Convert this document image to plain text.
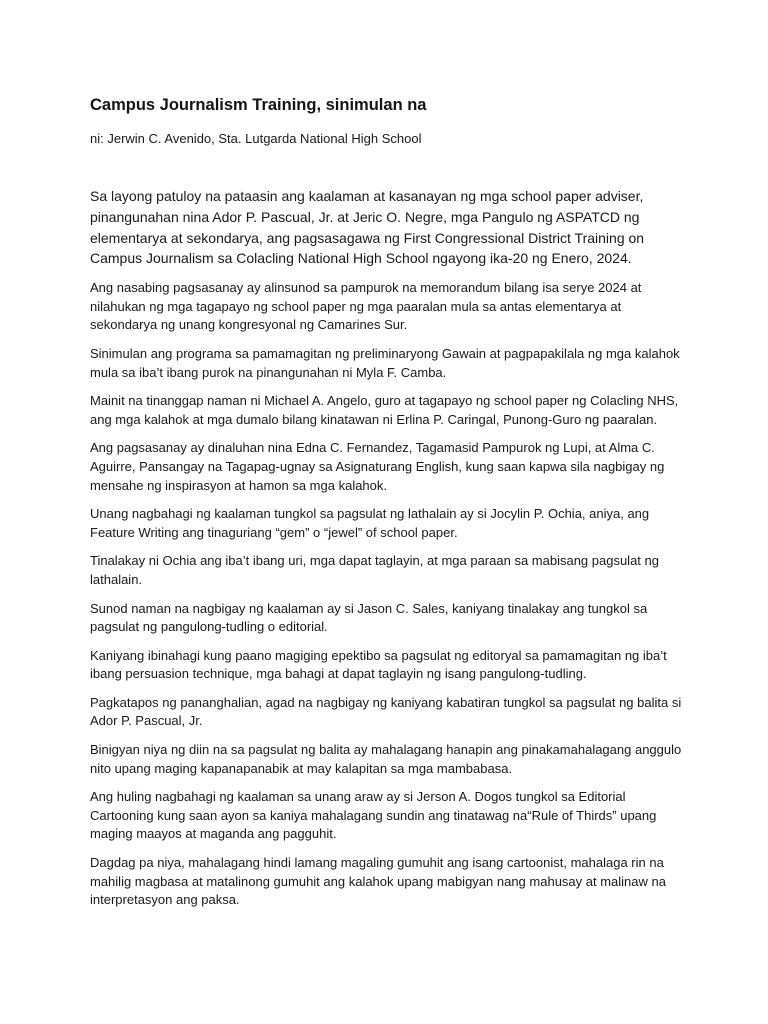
Campus Journalism Training, sinimulan na

ni: Jerwin C. Avenido, Sta. Lutgarda National High School

Sa layong patuloy na pataasin ang kaalaman at kasanayan ng mga school paper adviser, pinangunahan nina Ador P. Pascual, Jr. at Jeric O. Negre, mga Pangulo ng ASPATCD ng elementarya at sekondarya, ang pagsasagawa ng First Congressional District Training on Campus Journalism sa Colacling National High School ngayong ika-20 ng Enero, 2024.

Ang nasabing pagsasanay ay alinsunod sa pampurok na memorandum bilang isa serye 2024 at nilahukan ng mga tagapayo ng school paper ng mga paaralan mula sa antas elementarya at sekondarya ng unang kongresyonal ng Camarines Sur.

Sinimulan ang programa sa pamamagitan ng preliminaryong Gawain at pagpapakilala ng mga kalahok mula sa iba’t ibang purok na pinangunahan ni Myla F. Camba.

Mainit na tinanggap naman ni Michael A. Angelo, guro at tagapayo ng school paper ng Colacling NHS, ang mga kalahok at mga dumalo bilang kinatawan ni Erlina P. Caringal, Punong-Guro ng paaralan.

Ang pagsasanay ay dinaluhan nina Edna C. Fernandez, Tagamasid Pampurok ng Lupi, at Alma C. Aguirre, Pansangay na Tagapag-ugnay sa Asignaturang English, kung saan kapwa sila nagbigay ng mensahe ng inspirasyon at hamon sa mga kalahok.

Unang nagbahagi ng kaalaman tungkol sa pagsulat ng lathalain ay si Jocylin P. Ochia, aniya, ang Feature Writing ang tinaguriang “gem” o “jewel” of school paper.

Tinalakay ni Ochia ang iba’t ibang uri, mga dapat taglayin, at mga paraan sa mabisang pagsulat ng lathalain.

Sunod naman na nagbigay ng kaalaman ay si Jason C. Sales, kaniyang tinalakay ang tungkol sa pagsulat ng pangulong-tudling o editorial.

Kaniyang ibinahagi kung paano magiging epektibo sa pagsulat ng editoryal sa pamamagitan ng iba’t ibang persuasion technique, mga bahagi at dapat taglayin ng isang pangulong-tudling.

Pagkatapos ng pananghalian, agad na nagbigay ng kaniyang kabatiran tungkol sa pagsulat ng balita si Ador P. Pascual, Jr.

Binigyan niya ng diin na sa pagsulat ng balita ay mahalagang hanapin ang pinakamahalagang anggulo nito upang maging kapanapanabik at may kalapitan sa mga mambabasa.

Ang huling nagbahagi ng kaalaman sa unang araw ay si Jerson A. Dogos tungkol sa Editorial Cartooning kung saan ayon sa kaniya mahalagang sundin ang tinatawag na“Rule of Thirds” upang maging maayos at maganda ang pagguhit.

Dagdag pa niya, mahalagang hindi lamang magaling gumuhit ang isang cartoonist, mahalaga rin na mahilig magbasa at matalinong gumuhit ang kalahok upang mabigyan nang mahusay at malinaw na interpretasyon ang paksa.
